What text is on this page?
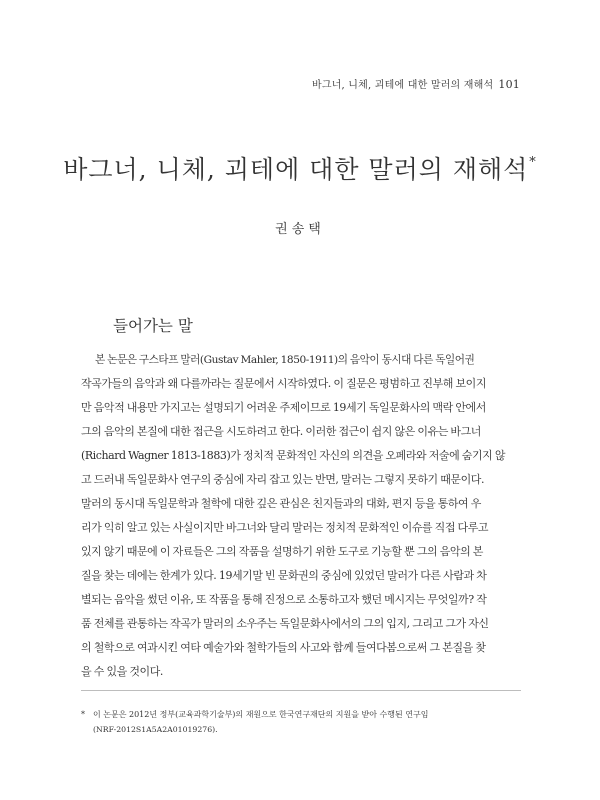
바그너, 니체, 괴테에 대한 말러의 재해석 101
바그너, 니체, 괴테에 대한 말러의 재해석*
권송택
들어가는 말
본 논문은 구스타프 말러(Gustav Mahler, 1850-1911)의 음악이 동시대 다른 독일어권
작곡가들의 음악과 왜 다를까라는 질문에서 시작하였다. 이 질문은 평범하고 진부해 보이지
만 음악적 내용만 가지고는 설명되기 어려운 주제이므로 19세기 독일문화사의 맥락 안에서
그의 음악의 본질에 대한 접근을 시도하려고 한다. 이러한 접근이 쉽지 않은 이유는 바그너
(Richard Wagner 1813-1883)가 정치적 문화적인 자신의 의견을 오페라와 저술에 숨기지 않
고 드러내 독일문화사 연구의 중심에 자리 잡고 있는 반면, 말러는 그렇지 못하기 때문이다.
말러의 동시대 독일문학과 철학에 대한 깊은 관심은 친지들과의 대화, 편지 등을 통하여 우
리가 익히 알고 있는 사실이지만 바그너와 달리 말러는 정치적 문화적인 이슈를 직접 다루고
있지 않기 때문에 이 자료들은 그의 작품을 설명하기 위한 도구로 기능할 뿐 그의 음악의 본
질을 찾는 데에는 한계가 있다. 19세기말 빈 문화권의 중심에 있었던 말러가 다른 사람과 차
별되는 음악을 썼던 이유, 또 작품을 통해 진정으로 소통하고자 했던 메시지는 무엇일까? 작
품 전체를 관통하는 작곡가 말러의 소우주는 독일문화사에서의 그의 입지, 그리고 그가 자신
의 철학으로 여과시킨 여타 예술가와 철학가들의 사고와 함께 들여다봄으로써 그 본질을 찾
을 수 있을 것이다.
* 이 논문은 2012년 정부(교육과학기술부)의 재원으로 한국연구재단의 지원을 받아 수행된 연구임
(NRF-2012S1A5A2A01019276).
